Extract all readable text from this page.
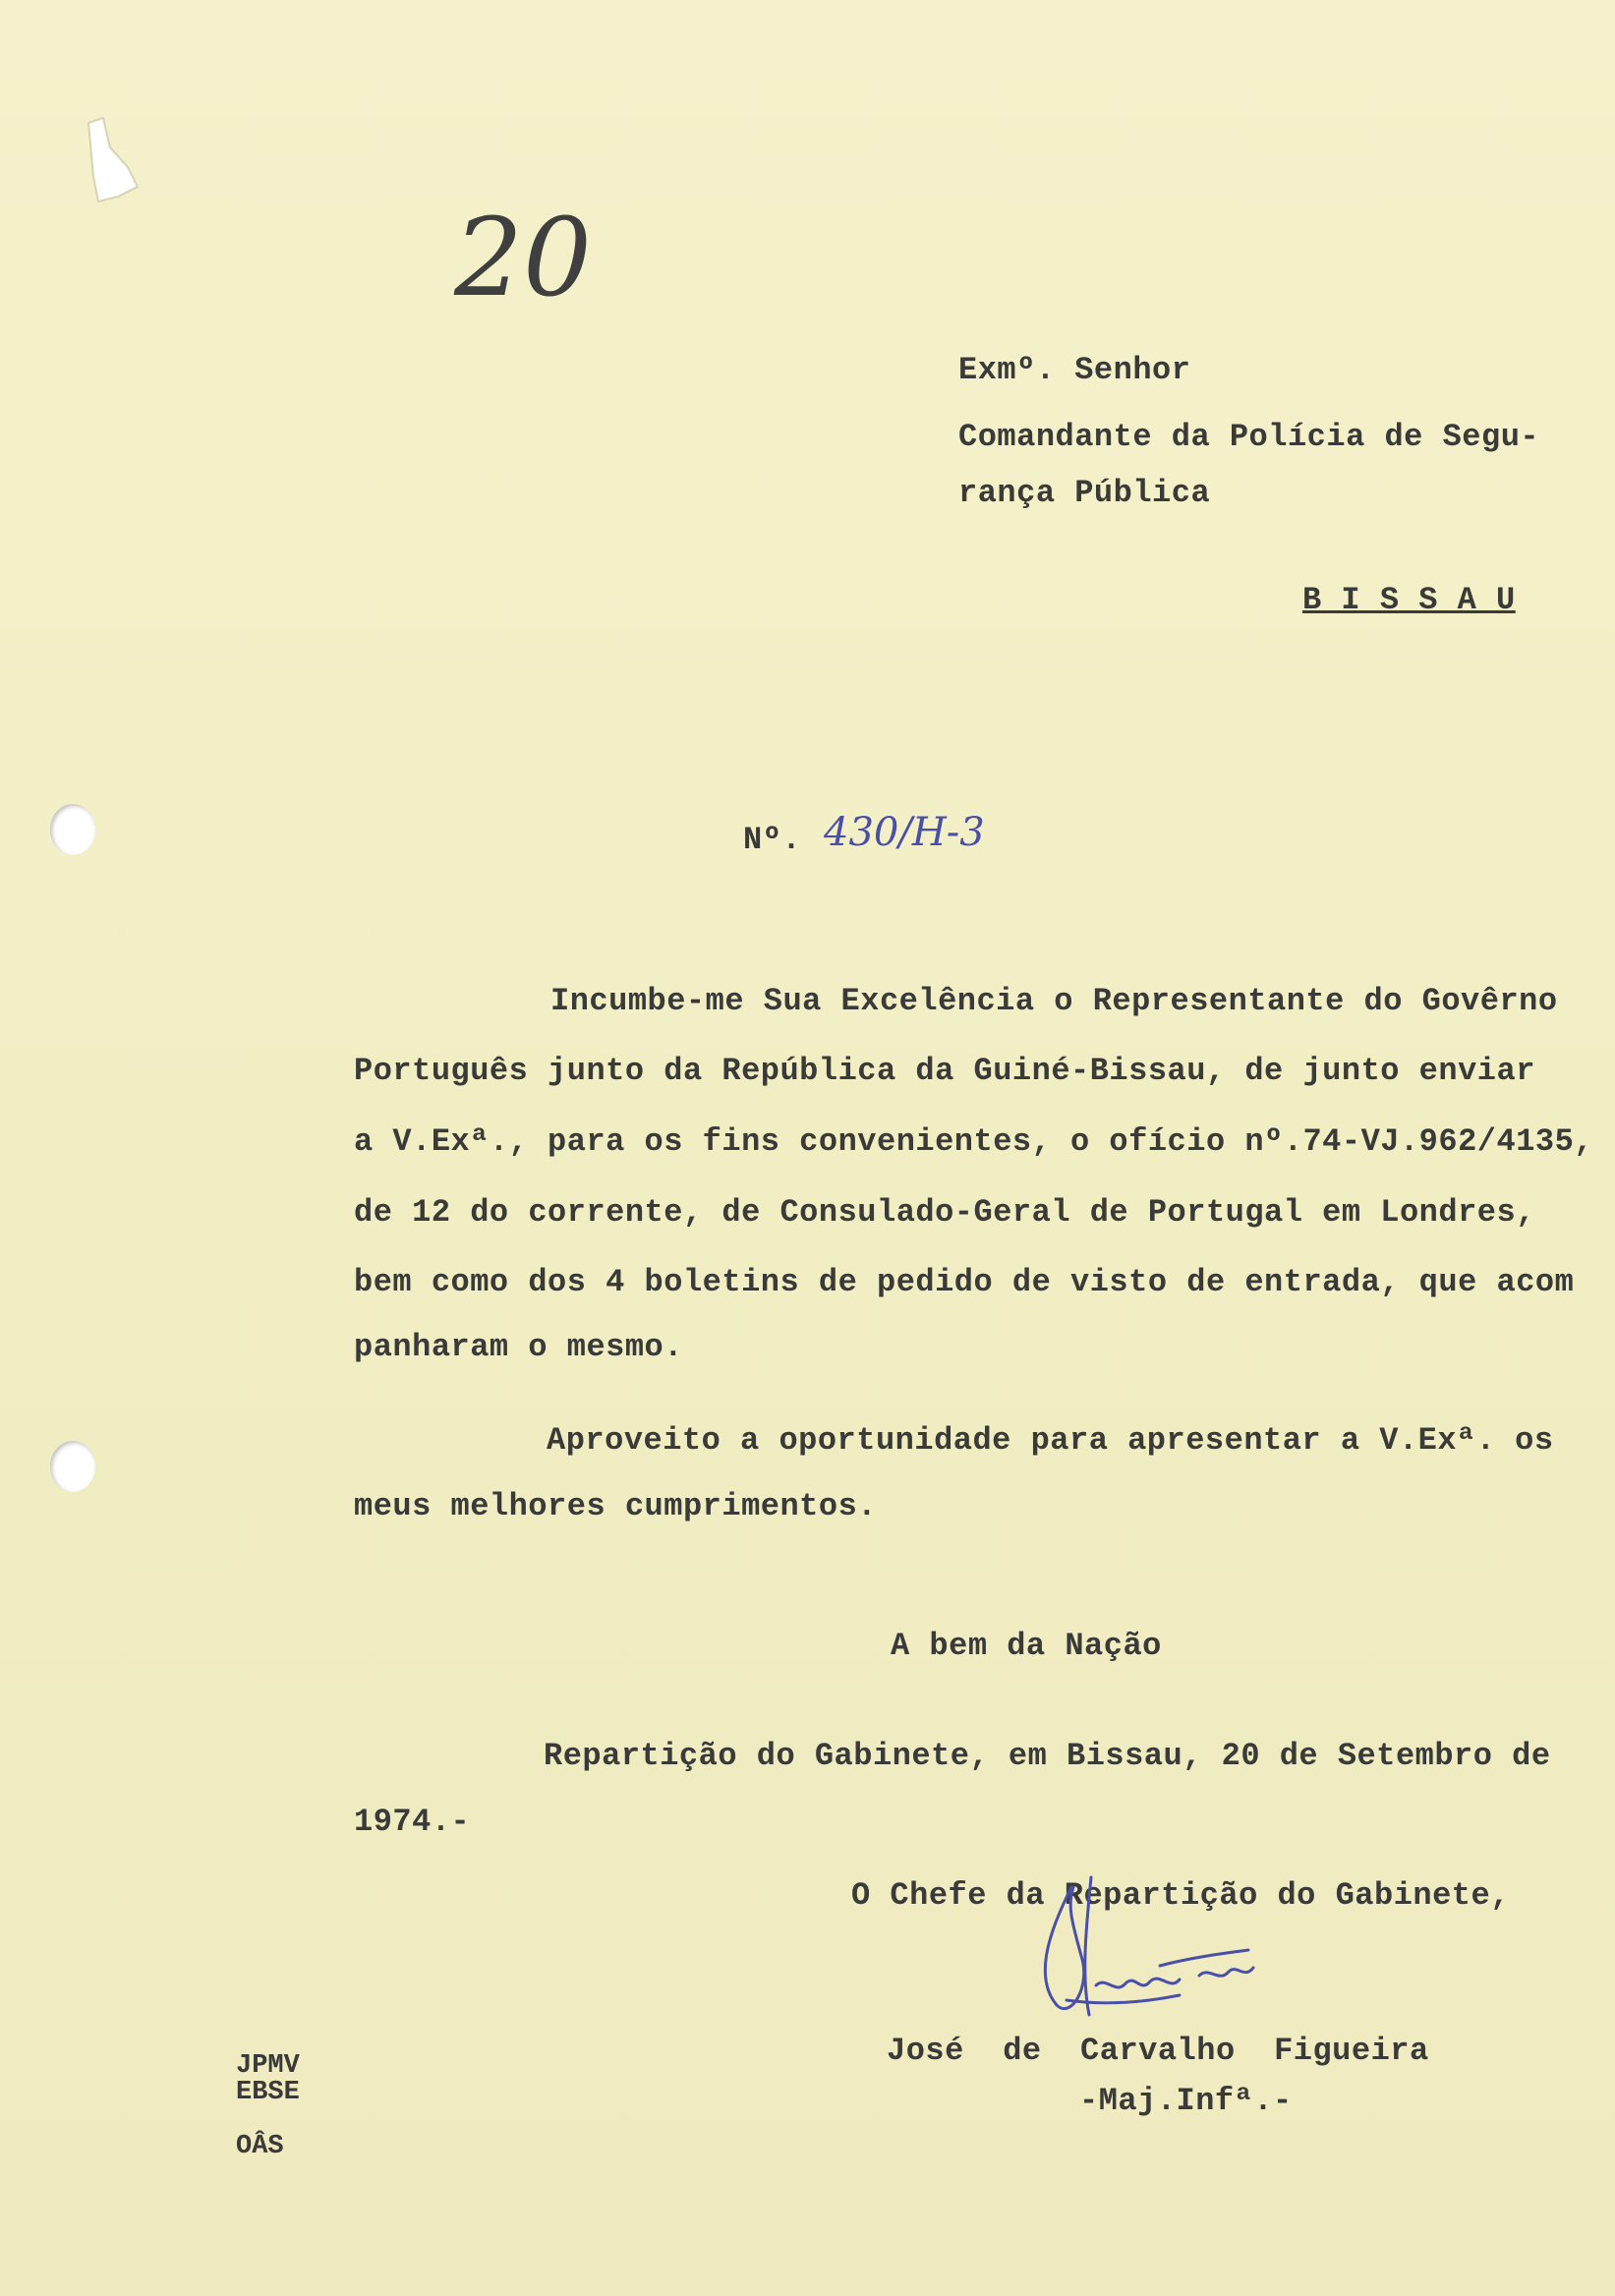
20
Exmº. Senhor
Comandante da Polícia de Segu-
rança Pública
B I S S A U
Nº. 430/H-3
Incumbe-me Sua Excelência o Representante do Govêrno
Português junto da República da Guiné-Bissau, de junto enviar
a V.Exª., para os fins convenientes, o ofício nº.74-VJ.962/4135,
de 12 do corrente, de Consulado-Geral de Portugal em Londres,
bem como dos 4 boletins de pedido de visto de entrada, que acom
panharam o mesmo.
Aproveito a oportunidade para apresentar a V.Exª. os
meus melhores cumprimentos.
A bem da Nação
Repartição do Gabinete, em Bissau, 20 de Setembro de
1974.-
O Chefe da Repartição do Gabinete,
José  de  Carvalho  Figueira
-Maj.Infª.-
JPMV
EBSE
OÂS
